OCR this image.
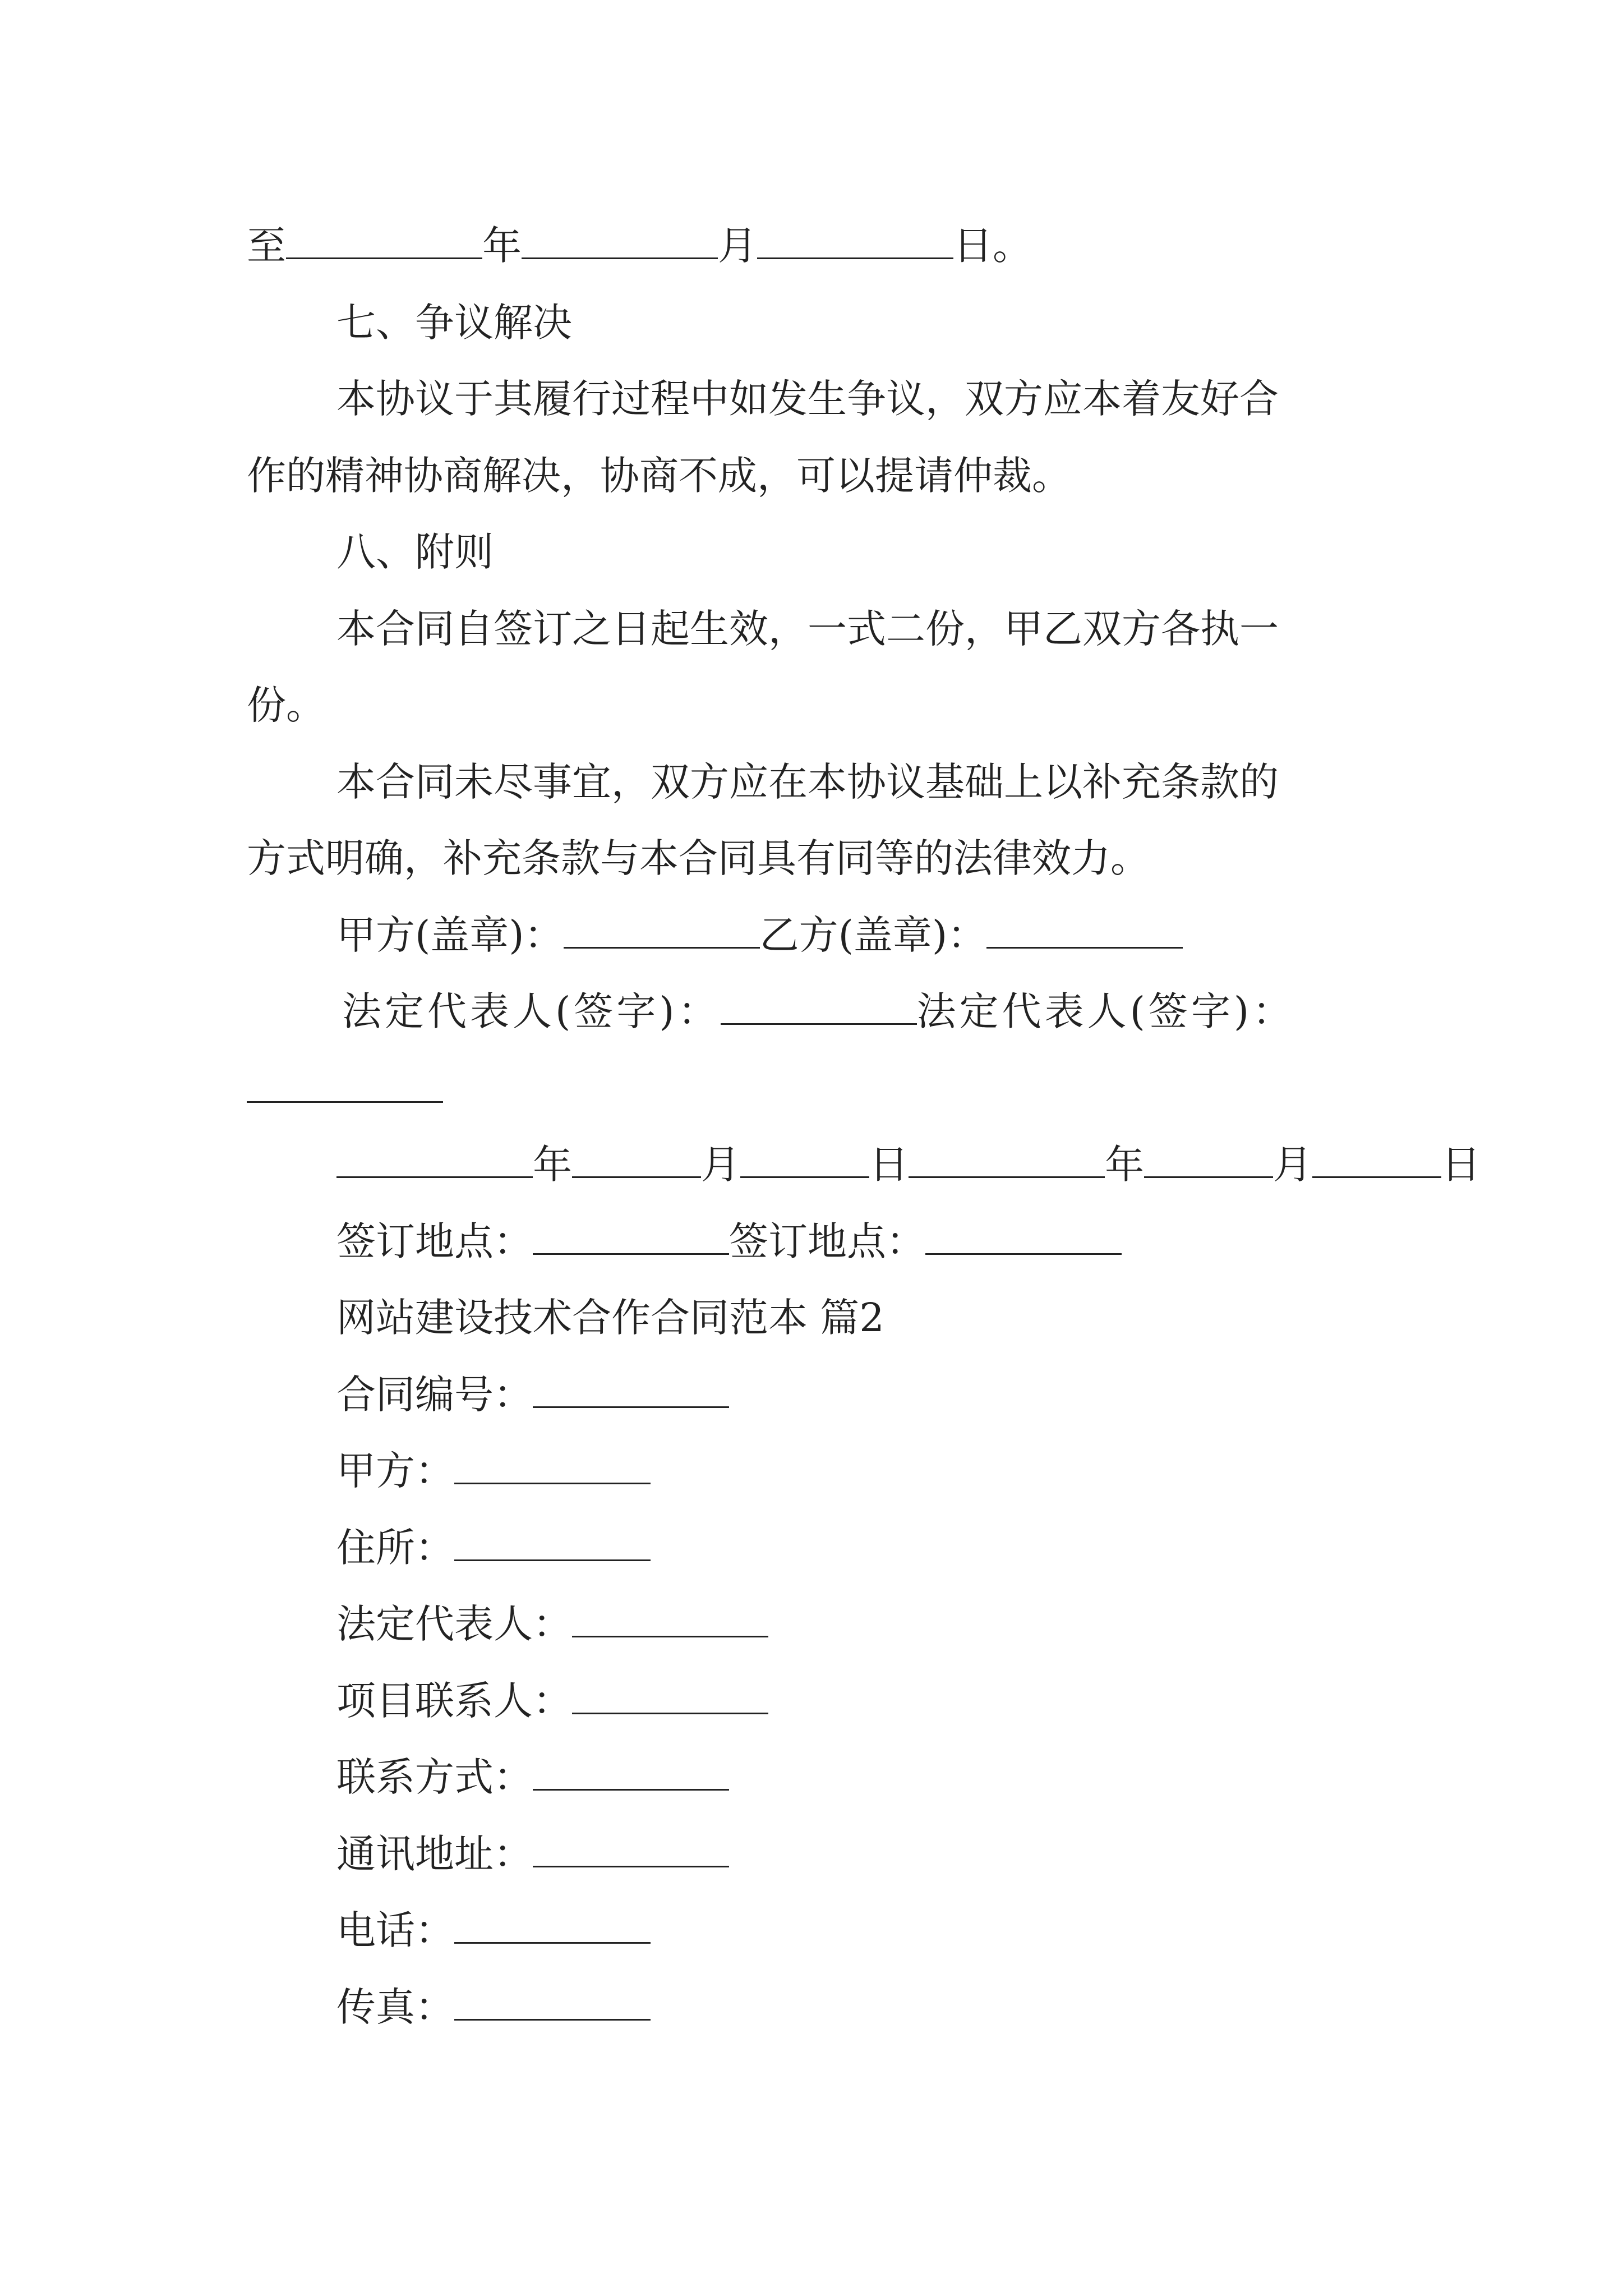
至	年	月	日。
七、争议解决
本协议于其履行过程中如发生争议，双方应本着友好合
作的精神协商解决，协商不成，可以提请仲裁。
八、附则
本合同自签订之日起生效，一式二份，甲乙双方各执一
份。
本合同未尽事宜，双方应在本协议基础上以补充条款的
方式明确，补充条款与本合同具有同等的法律效力。
甲方(盖章)：	乙方(盖章)：
法定代表人(签字)：	法定代表人(签字)：
年	月	日	年	月	日
签订地点：	签订地点：
网站建设技术合作合同范本 篇2
合同编号：
甲方：
住所：
法定代表人：
项目联系人：
联系方式：
通讯地址：
电话：
传真：
